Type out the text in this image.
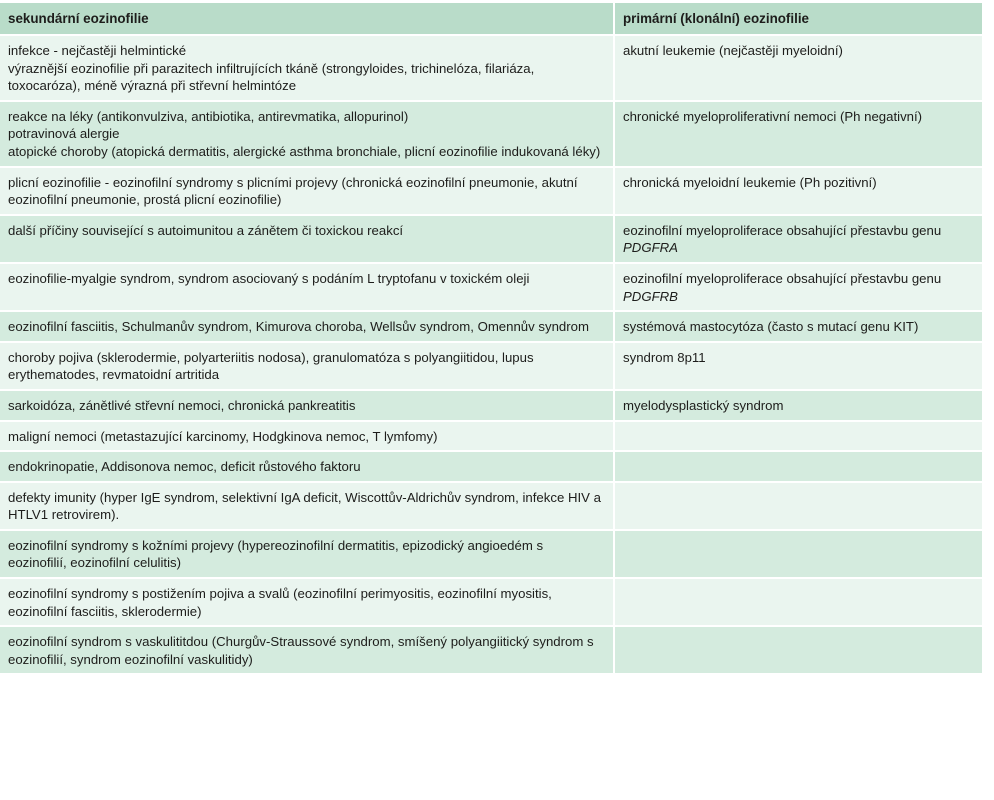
sekundární eozinofilie	primární (klonální) eozinofilie

infekce - nejčastěji helmintické
výraznější eozinofilie při parazitech infiltrujících tkáně (strongyloides, trichinelóza, filariáza, toxocaróza), méně výrazná při střevní helmintóze	akutní leukemie (nejčastěji myeloidní)

reakce na léky (antikonvulziva, antibiotika, antirevmatika, allopurinol)
potravinová alergie
atopické choroby (atopická dermatitis, alergické asthma bronchiale, plicní eozinofilie indukovaná léky)	chronické myeloproliferativní nemoci (Ph negativní)

plicní eozinofilie - eozinofilní syndromy s plicními projevy (chronická eozinofilní pneumonie, akutní eozinofilní pneumonie, prostá plicní eozinofilie)	chronická myeloidní leukemie (Ph pozitivní)

další příčiny související s autoimunitou a zánětem či toxickou reakcí	eozinofilní myeloproliferace obsahující přestavbu genu PDGFRA

eozinofilie-myalgie syndrom, syndrom asociovaný s podáním L tryptofanu v toxickém oleji	eozinofilní myeloproliferace obsahující přestavbu genu PDGFRB

eozinofilní fasciitis, Schulmanův syndrom, Kimurova choroba, Wellsův syndrom, Omennův syndrom	systémová mastocytóza (často s mutací genu KIT)

choroby pojiva (sklerodermie, polyarteriitis nodosa), granulomatóza s polyangiitidou, lupus erythematodes, revmatoidní artritida	syndrom 8p11

sarkoidóza, zánětlivé střevní nemoci, chronická pankreatitis	myelodysplastický syndrom

maligní nemoci (metastazující karcinomy, Hodgkinova nemoc, T lymfomy)	

endokrinopatie, Addisonova nemoc, deficit růstového faktoru	

defekty imunity (hyper IgE syndrom, selektivní IgA deficit, Wiscottův-Aldrichův syndrom, infekce HIV a HTLV1 retrovirem).	

eozinofilní syndromy s kožními projevy (hypereozinofilní dermatitis, epizodický angioedém s eozinofilií, eozinofilní celulitis)	

eozinofilní syndromy s postižením pojiva a svalů (eozinofilní perimyositis, eozinofilní myositis, eozinofilní fasciitis, sklerodermie)	

eozinofilní syndrom s vaskulititdou (Churgův-Straussové syndrom, smíšený polyangiitický syndrom s eozinofilií, syndrom eozinofilní vaskulitidy)	
